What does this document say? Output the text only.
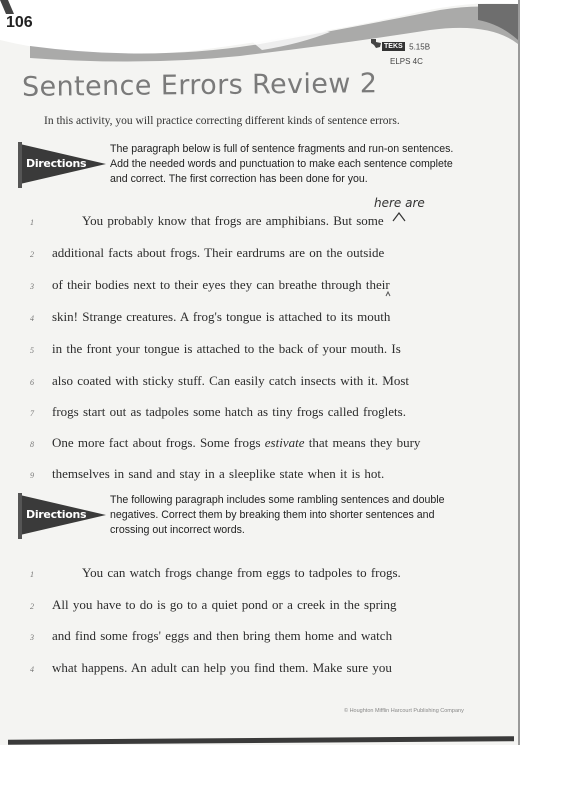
106
TEKS 5.15B
ELPS 4C
Sentence Errors Review 2
In this activity, you will practice correcting different kinds of sentence errors.
Directions
The paragraph below is full of sentence fragments and run-on sentences. Add the needed words and punctuation to make each sentence complete and correct. The first correction has been done for you.
here are
1	You probably know that frogs are amphibians. But some
2 additional facts about frogs. Their eardrums are on the outside
3 of their bodies next to their eyes they can breathe through their
4 skin! Strange creatures. A frog's tongue is attached to its mouth
5 in the front your tongue is attached to the back of your mouth. Is
6 also coated with sticky stuff. Can easily catch insects with it. Most
7 frogs start out as tadpoles some hatch as tiny frogs called froglets.
8 One more fact about frogs. Some frogs estivate that means they bury
9 themselves in sand and stay in a sleeplike state when it is hot.
Directions
The following paragraph includes some rambling sentences and double negatives. Correct them by breaking them into shorter sentences and crossing out incorrect words.
1	You can watch frogs change from eggs to tadpoles to frogs.
2 All you have to do is go to a quiet pond or a creek in the spring
3 and find some frogs' eggs and then bring them home and watch
4 what happens. An adult can help you find them. Make sure you
© Houghton Mifflin Harcourt Publishing Company
